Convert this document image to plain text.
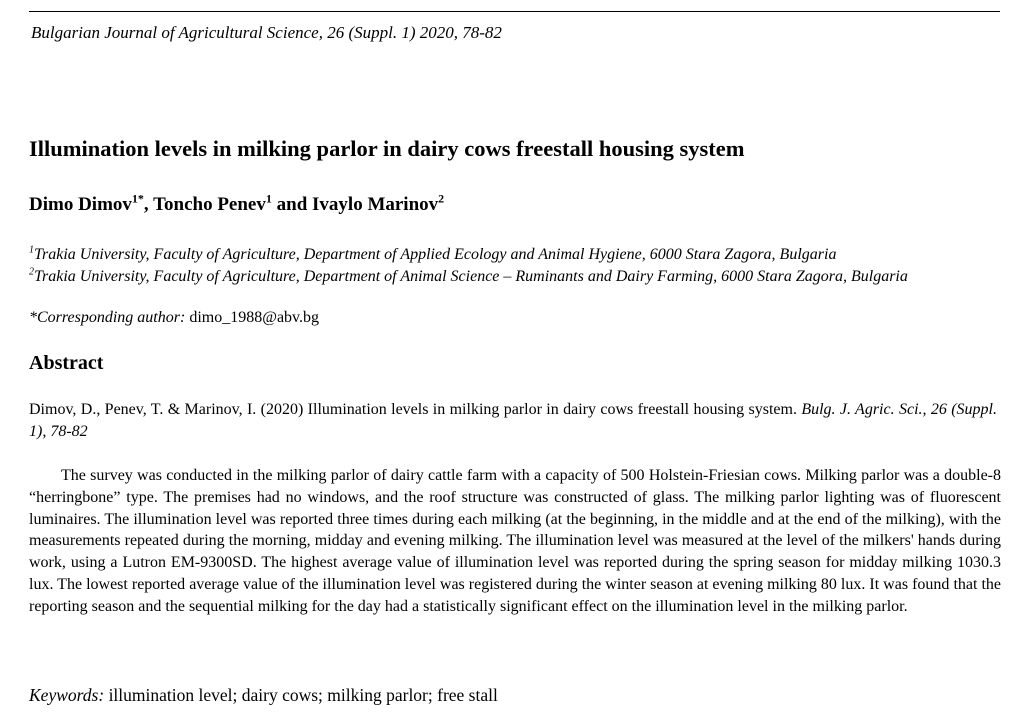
Bulgarian Journal of Agricultural Science, 26 (Suppl. 1) 2020, 78-82
Illumination levels in milking parlor in dairy cows freestall housing system
Dimo Dimov$^{1*}$, Toncho Penev$^1$ and Ivaylo Marinov$^2$
$^1$Trakia University, Faculty of Agriculture, Department of Applied Ecology and Animal Hygiene, 6000 Stara Zagora, Bulgaria
$^2$Trakia University, Faculty of Agriculture, Department of Animal Science – Ruminants and Dairy Farming, 6000 Stara Zagora, Bulgaria
*Corresponding author: dimo_1988@abv.bg
Abstract
Dimov, D., Penev, T. & Marinov, I. (2020) Illumination levels in milking parlor in dairy cows freestall housing system. Bulg. J. Agric. Sci., 26 (Suppl. 1), 78-82

The survey was conducted in the milking parlor of dairy cattle farm with a capacity of 500 Holstein-Friesian cows. Milking parlor was a double-8 “herringbone” type. The premises had no windows, and the roof structure was constructed of glass. The milking parlor lighting was of fluorescent luminaires. The illumination level was reported three times during each milking (at the beginning, in the middle and at the end of the milking), with the measurements repeated during the morning, midday and evening milking. The illumination level was measured at the level of the milkers' hands during work, using a Lutron EM-9300SD. The highest average value of illumination level was reported during the spring season for midday milking 1030.3 lux. The lowest reported average value of the illumination level was registered during the winter season at evening milking 80 lux. It was found that the reporting season and the sequential milking for the day had a statistically significant effect on the illumination level in the milking parlor.

Keywords: illumination level; dairy cows; milking parlor; free stall
